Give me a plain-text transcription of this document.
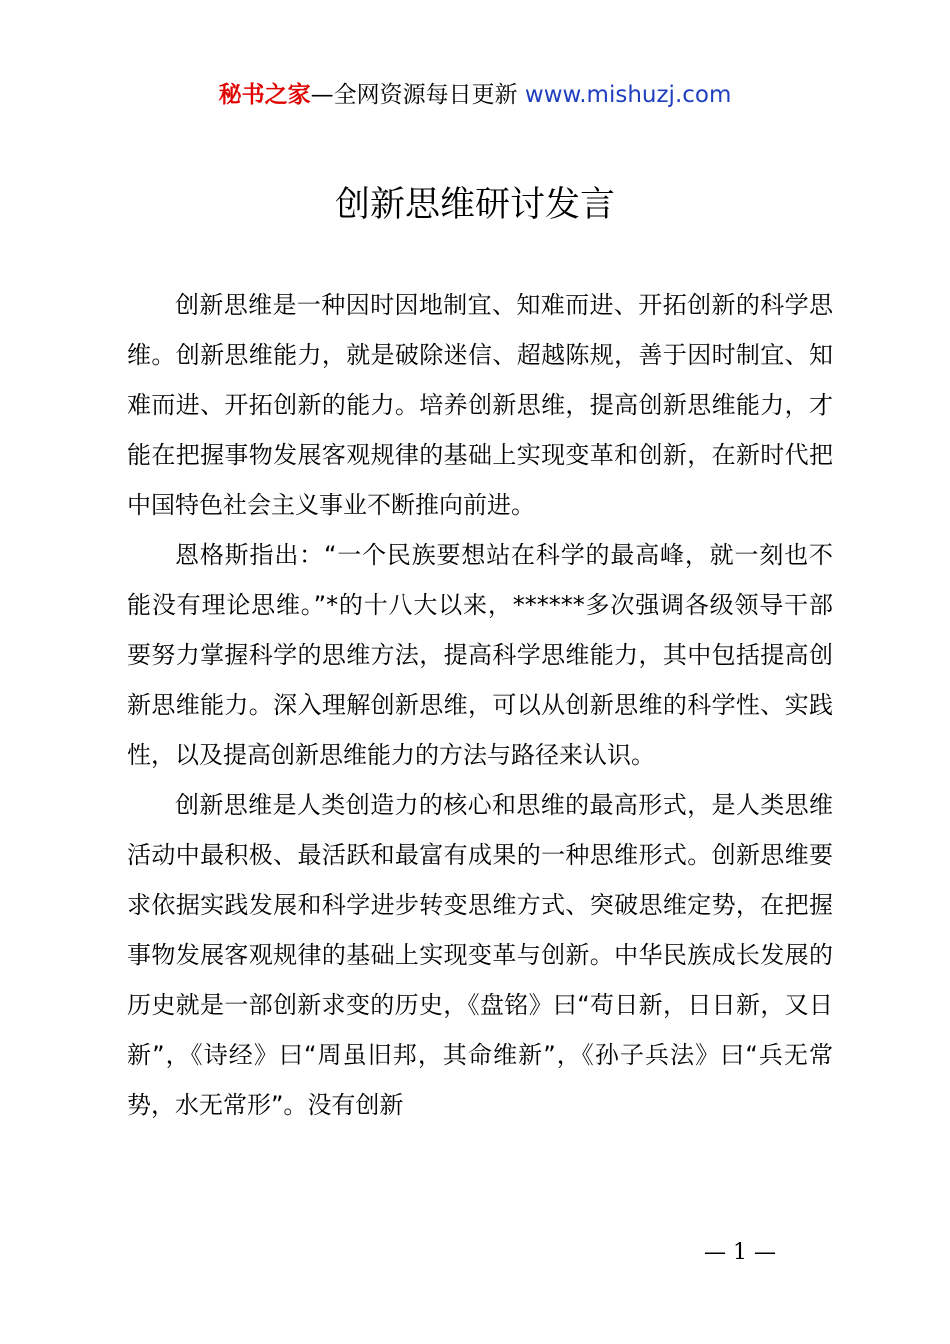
秘书之家—全网资源每日更新 www.mishuzj.com
创新思维研讨发言

创新思维是一种因时因地制宜、知难而进、开拓创新的科学思维。创新思维能力，就是破除迷信、超越陈规，善于因时制宜、知难而进、开拓创新的能力。培养创新思维，提高创新思维能力，才能在把握事物发展客观规律的基础上实现变革和创新，在新时代把中国特色社会主义事业不断推向前进。

恩格斯指出：“一个民族要想站在科学的最高峰，就一刻也不能没有理论思维。”*的十八大以来，******多次强调各级领导干部要努力掌握科学的思维方法，提高科学思维能力，其中包括提高创新思维能力。深入理解创新思维，可以从创新思维的科学性、实践性，以及提高创新思维能力的方法与路径来认识。

创新思维是人类创造力的核心和思维的最高形式，是人类思维活动中最积极、最活跃和最富有成果的一种思维形式。创新思维要求依据实践发展和科学进步转变思维方式、突破思维定势，在把握事物发展客观规律的基础上实现变革与创新。中华民族成长发展的历史就是一部创新求变的历史，《盘铭》曰“苟日新，日日新，又日新”，《诗经》曰“周虽旧邦，其命维新”，《孙子兵法》曰“兵无常势，水无常形”。没有创新

— 1 —
